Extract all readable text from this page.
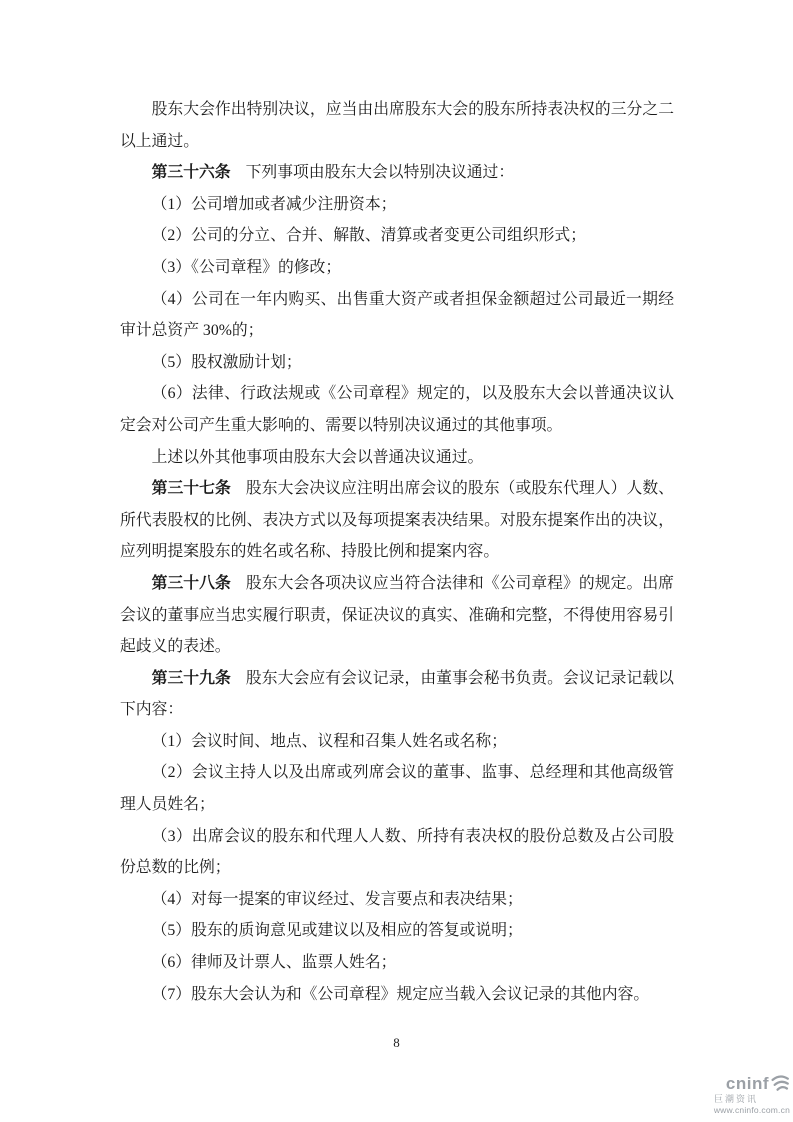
股东大会作出特别决议，应当由出席股东大会的股东所持表决权的三分之二以上通过。

第三十六条 下列事项由股东大会以特别决议通过：

（1）公司增加或者减少注册资本；

（2）公司的分立、合并、解散、清算或者变更公司组织形式；

（3）《公司章程》的修改；

（4）公司在一年内购买、出售重大资产或者担保金额超过公司最近一期经审计总资产 30%的；

（5）股权激励计划；

（6）法律、行政法规或《公司章程》规定的，以及股东大会以普通决议认定会对公司产生重大影响的、需要以特别决议通过的其他事项。

上述以外其他事项由股东大会以普通决议通过。

第三十七条 股东大会决议应注明出席会议的股东（或股东代理人）人数、所代表股权的比例、表决方式以及每项提案表决结果。对股东提案作出的决议，应列明提案股东的姓名或名称、持股比例和提案内容。

第三十八条 股东大会各项决议应当符合法律和《公司章程》的规定。出席会议的董事应当忠实履行职责，保证决议的真实、准确和完整，不得使用容易引起歧义的表述。

第三十九条 股东大会应有会议记录，由董事会秘书负责。会议记录记载以下内容：

（1）会议时间、地点、议程和召集人姓名或名称；

（2）会议主持人以及出席或列席会议的董事、监事、总经理和其他高级管理人员姓名；

（3）出席会议的股东和代理人人数、所持有表决权的股份总数及占公司股份总数的比例；

（4）对每一提案的审议经过、发言要点和表决结果；

（5）股东的质询意见或建议以及相应的答复或说明；

（6）律师及计票人、监票人姓名；

（7）股东大会认为和《公司章程》规定应当载入会议记录的其他内容。

8
cninf
巨潮资讯
www.cninfo.com.cn
